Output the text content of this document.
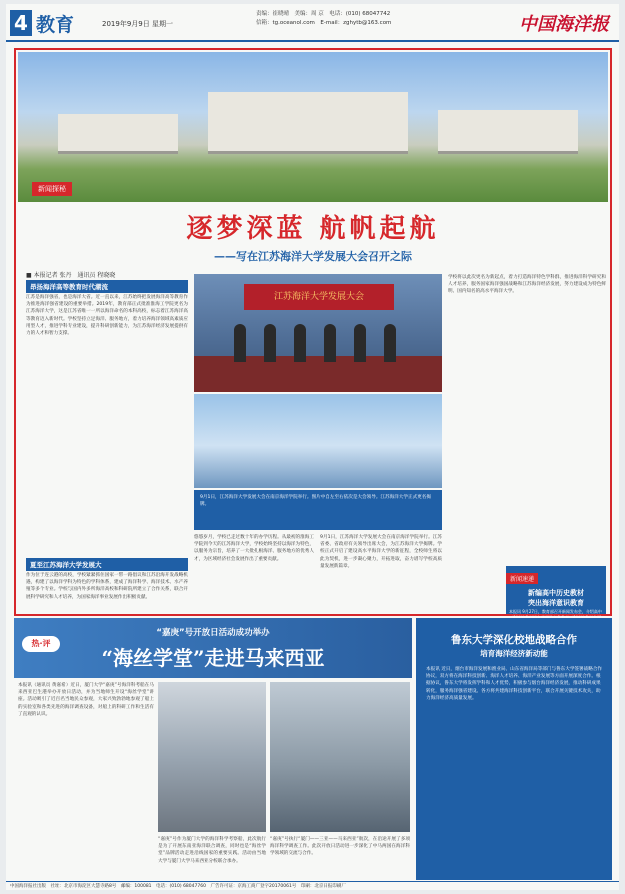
4 教育	2019年9月9日 星期一
责编：崔晓晴　美编：周 京　电话：(010) 68047742
信箱：tg.oceanol.com　E-mail：zghytb@163.com	中国海洋报
新闻探秘
逐梦深蓝 航帆起航
——写在江苏海洋大学发展大会召开之际
■ 本报记者 张丹　通讯员 程晓晓
昂扬海洋高等教育时代潮流
江苏是海洋强省，也是海洋大省。近一直以来，江苏始终把发展海洋高等教育作为推进海洋强省建设的重要举措。2019年，教育部正式批准淮海工学院更名为江苏海洋大学，这是江苏省唯一一所以海洋命名的本科高校，标志着江苏海洋高等教育迈入新时代。学校坚持立足海洋、服务地方，着力培养海洋领域高素质应用型人才，推进学科专业建设，提升科研创新能力，为江苏海洋经济发展提供有力的人才和智力支撑。
夏至江苏海洋大学发展大
作为位于连云港的高校，学校紧紧抓住国家一带一路倡议和江苏沿海开发战略机遇，构建了以海洋学科为特色的学科体系，建成了海洋科学、海洋技术、水产养殖等多个专业。学校与国内外多所海洋高校和科研院所建立了合作关系，联合开展科学研究和人才培养，为国家海洋事业发展作出积极贡献。
江苏海洋大学发展大会
9月1日，江苏海洋大学发展大会在南京海洋学院举行。图片中自左至右依次是大会领导。江苏海洋大学正式更名揭牌。
悠悠岁月，学校已走过数十年的办学历程。从最初的淮海工学院到今天的江苏海洋大学，学校始终坚持以海洋为特色，以服务为宗旨，培养了一大批扎根海洋、服务地方的优秀人才，为区域经济社会发展作出了重要贡献。
9月1日，江苏海洋大学发展大会在南京海洋学院举行。江苏省委、省政府有关领导出席大会，为江苏海洋大学揭牌。学校正式开启了建设高水平海洋大学的新征程，全校师生将以此为契机，进一步凝心聚力，开拓进取，奋力谱写学校高质量发展新篇章。
学校将以此次更名为新起点，着力打造海洋特色学科群，推进海洋科学研究和人才培养，服务国家海洋强国战略和江苏海洋经济发展，努力建设成为特色鲜明、国内知名的高水平海洋大学。
新闻速递
新编高中历史教材
突出海洋意识教育
本报讯 9月27日，教育部召开新闻发布会，介绍高中
热·评
“嘉庚”号开放日活动成功举办
“海丝学堂”走进马来西亚
本报讯（通讯员 黄嘉希）近日，厦门大学“嘉庚”号海洋科考船在马来西亚巴生港举办开放日活动，并为当地师生开设“海丝学堂”讲座。活动吸引了近百名当地民众参观，大家兴致勃勃地参观了船上的实验室和各类先进的海洋调查设备，对船上的科研工作和生活有了直观的认识。
“嘉庚”号作为厦门大学的海洋科学考察船，此次航行是为了开展东南亚海洋联合调查，同时也是“海丝学堂”品牌活动走进沿线国家的重要实践。活动由当地大学与厦门大学马来西亚分校联合承办。
“嘉庚”号执行“厦门——三亚——马来西亚”航次，在沿途开展了多项海洋科学调查工作。此次开放日活动进一步深化了中马两国在海洋科学领域的交流与合作。
鲁东大学深化校地战略合作
培育海洋经济新动能
本报讯 近日，烟台市海洋发展和渔业局、山东省海洋局等部门与鲁东大学签署战略合作协议，双方将在海洋科技创新、海洋人才培养、海洋产业发展等方面开展深度合作。根据协议，鲁东大学将发挥学科和人才优势，积极参与烟台海洋经济发展，推动科研成果转化，服务海洋强省建设。各方将共建海洋科技创新平台，联合开展关键技术攻关，助力海洋经济高质量发展。
中国海洋报社出版　社址：北京市海淀区大慧寺路8号　邮编：100081　电话：(010) 68047760　广告许可证：京海工商广登字20170061号　印刷：北京日报印刷厂
